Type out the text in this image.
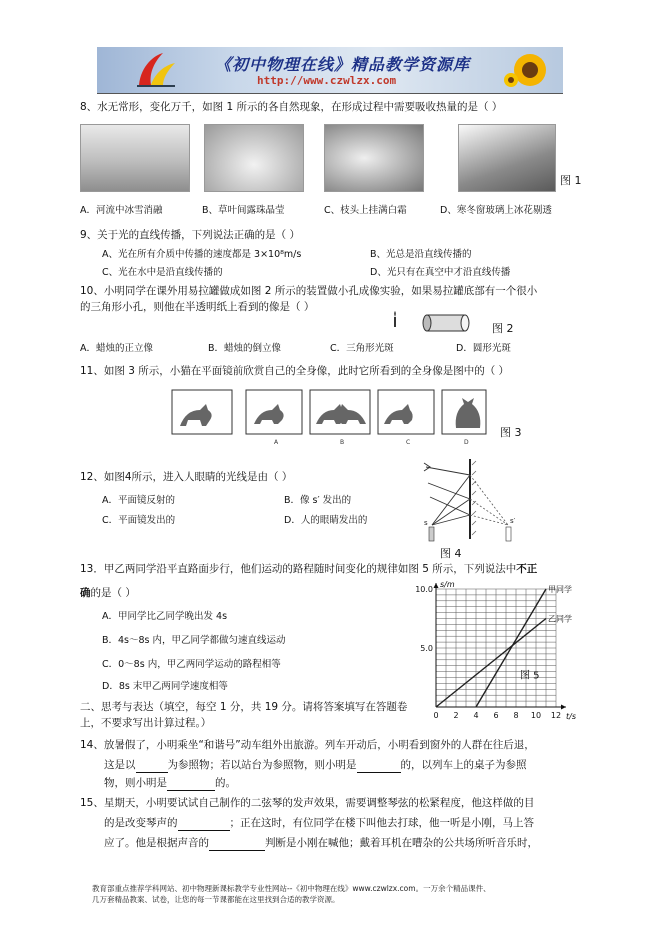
《初中物理在线》精品教学资源库
http://www.czwlzx.com
8、水无常形，变化万千，如图 1 所示的各自然现象，在形成过程中需要吸收热量的是（ ）
图 1
A．河流中冰雪消融	B、草叶间露珠晶莹	C、枝头上挂满白霜	D、寒冬窗玻璃上冰花剔透
9、关于光的直线传播，下列说法正确的是（ ）
A、光在所有介质中传播的速度都是 3×10⁸m/s	B、光总是沿直线传播的
C、光在水中是沿直线传播的	D、光只有在真空中才沿直线传播
10、小明同学在课外用易拉罐做成如图 2 所示的装置做小孔成像实验，如果易拉罐底部有一个很小
的三角形小孔，则他在半透明纸上看到的像是（ ）
图 2
A．蜡烛的正立像	B．蜡烛的倒立像	C．三角形光斑	D．圆形光斑
11、如图 3 所示，小猫在平面镜前欣赏自己的全身像，此时它所看到的全身像是图中的（ ）
A	B	C	D
图 3
12、如图4所示，进入人眼睛的光线是由（ ）
A．平面镜反射的	B．像 s′ 发出的
C．平面镜发出的	D．人的眼睛发出的	s	s′
图 4
13．甲乙两同学沿平直路面步行，他们运动的路程随时间变化的规律如图 5 所示，下列说法中不正
确的是（ ）
A．甲同学比乙同学晚出发 4s
B．4s～8s 内，甲乙同学都做匀速直线运动
C．0～8s 内，甲乙两同学运动的路程相等
D．8s 末甲乙两同学速度相等
0 2 4 6 8 10 12
5.0
10.0
t/s
s/m
甲同学
乙同学
图 5
二、思考与表达（填空，每空 1 分，共 19 分。请将答案填写在答题卷
上，不要求写出计算过程。）
14、放暑假了，小明乘坐“和谐号”动车组外出旅游。列车开动后，小明看到窗外的人群在往后退，
这是以	为参照物；若以站台为参照物，则小明是	的，以列车上的桌子为参照
物，则小明是	的。
15、星期天，小明要试试自己制作的二弦琴的发声效果，需要调整琴弦的松紧程度，他这样做的目
的是改变琴声的	；正在这时，有位同学在楼下叫他去打球，他一听是小刚，马上答
应了。他是根据声音的	判断是小刚在喊他；戴着耳机在嘈杂的公共场所听音乐时，
教育部重点推荐学科网站、初中物理新课标教学专业性网站--《初中物理在线》www.czwlzx.com。一万余个精品课件、
几万套精品教案、试卷，让您的每一节课都能在这里找到合适的教学资源。
